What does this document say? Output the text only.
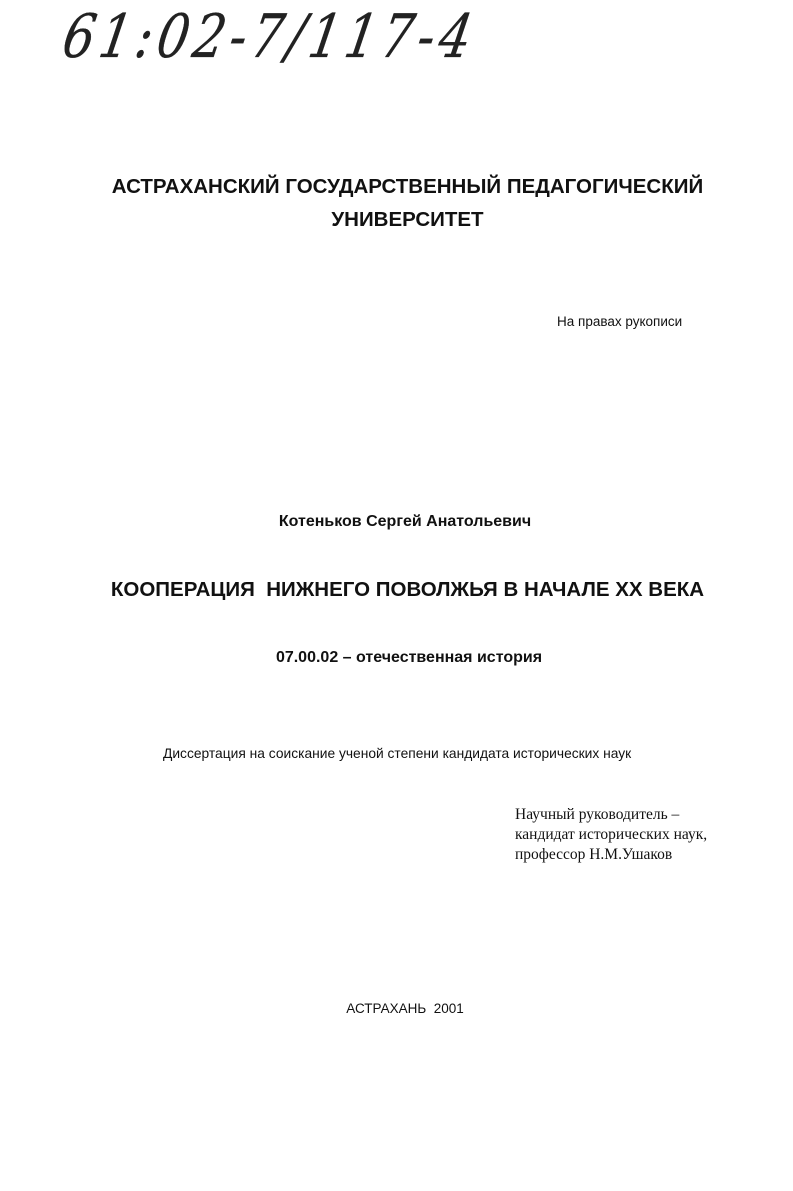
61:02-7/117-4
АСТРАХАНСКИЙ ГОСУДАРСТВЕННЫЙ ПЕДАГОГИЧЕСКИЙ
УНИВЕРСИТЕТ
На правах рукописи
Котеньков Сергей Анатольевич
КООПЕРАЦИЯ  НИЖНЕГО ПОВОЛЖЬЯ В НАЧАЛЕ ХХ ВЕКА
07.00.02 – отечественная история
Диссертация на соискание ученой степени кандидата исторических наук
Научный руководитель –
кандидат исторических наук,
профессор Н.М.Ушаков
АСТРАХАНЬ  2001
